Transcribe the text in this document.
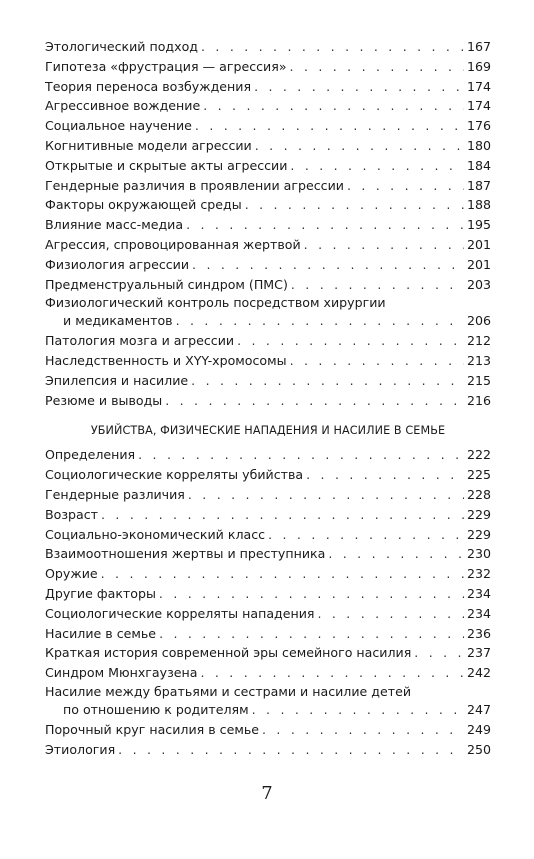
Этологический подход . . .	167
Гипотеза «фрустрация — агрессия» . . .	169
Теория переноса возбуждения . . .	174
Агрессивное вождение . . .	174
Социальное научение . . .	176
Когнитивные модели агрессии . . .	180
Открытые и скрытые акты агрессии . . .	184
Гендерные различия в проявлении агрессии . . .	187
Факторы окружающей среды . . .	188
Влияние масс-медиа . . .	195
Агрессия, спровоцированная жертвой . . .	201
Физиология агрессии . . .	201
Предменструальный синдром (ПМС) . . .	203
Физиологический контроль посредством хирургии
и медикаментов . . .	206
Патология мозга и агрессии . . .	212
Наследственность и XYY-хромосомы . . .	213
Эпилепсия и насилие . . .	215
Резюме и выводы . . .	216
УБИЙСТВА, ФИЗИЧЕСКИЕ НАПАДЕНИЯ И НАСИЛИЕ В СЕМЬЕ
Определения . . .	222
Социологические корреляты убийства . . .	225
Гендерные различия . . .	228
Возраст . . .	229
Социально-экономический класс . . .	229
Взаимоотношения жертвы и преступника . . .	230
Оружие . . .	232
Другие факторы . . .	234
Социологические корреляты нападения . . .	234
Насилие в семье . . .	236
Краткая история современной эры семейного насилия . . .	237
Синдром Мюнхгаузена . . .	242
Насилие между братьями и сестрами и насилие детей
по отношению к родителям . . .	247
Порочный круг насилия в семье . . .	249
Этиология . . .	250
7
